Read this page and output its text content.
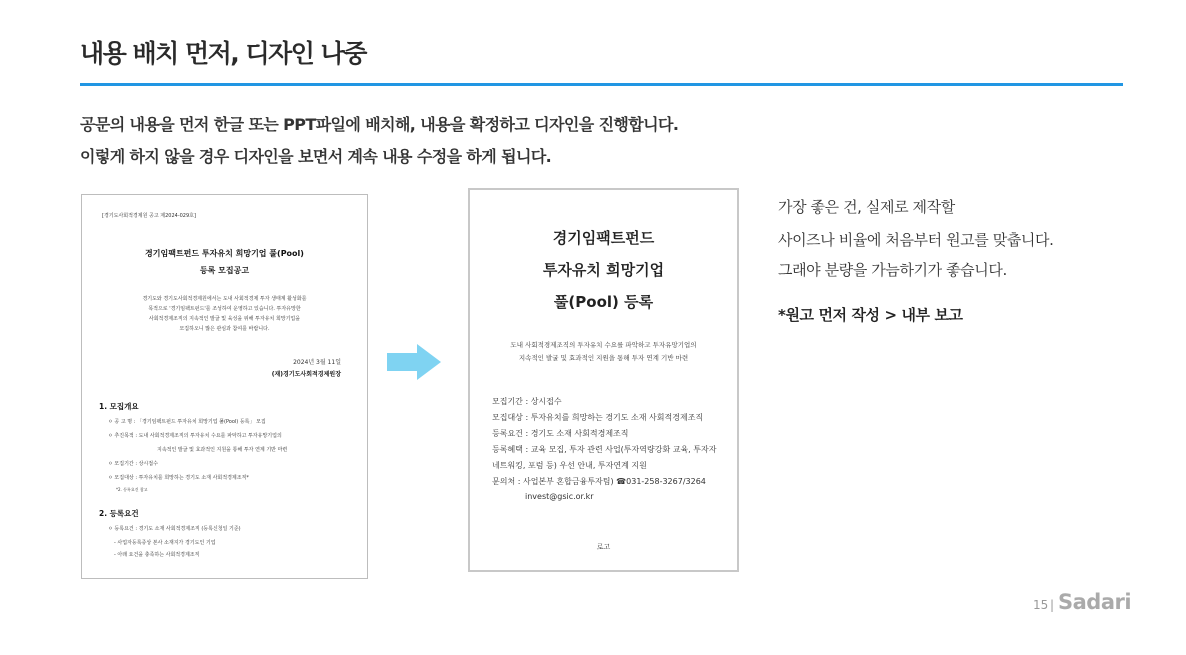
내용 배치 먼저, 디자인 나중
공문의 내용을 먼저 한글 또는 PPT파일에 배치해, 내용을 확정하고 디자인을 진행합니다.
이렇게 하지 않을 경우 디자인을 보면서 계속 내용 수정을 하게 됩니다.
[경기도사회적경제원 공고 제2024-029호]
경기임팩트펀드 투자유치 희망기업 풀(Pool)
등록 모집공고
경기도와 경기도사회적경제원에서는 도내 사회적경제 투자 생태계 활성화를
목적으로 '경기임팩트펀드'를 조성하여 운영하고 있습니다. 투자유망한
사회적경제조직의 지속적인 발굴 및 육성을 위해 투자유치 희망기업을
모집하오니 많은 관심과 참여를 바랍니다.
2024년 3월 11일
(재)경기도사회적경제원장
1. 모집개요
ㅇ 공 고 명 : 「경기임팩트펀드 투자유치 희망기업 풀(Pool) 등록」 모집
ㅇ 추진목적 : 도내 사회적경제조직의 투자유치 수요를 파악하고 투자유망기업의
지속적인 발굴 및 효과적인 지원을 통해 투자 연계 기반 마련
ㅇ 모집기간 : 상시접수
ㅇ 모집대상 : 투자유치를 희망하는 경기도 소재 사회적경제조직*
*2. 등록요건 참고
2. 등록요건
ㅇ 등록요건 : 경기도 소재 사회적경제조직 (등록신청일 기준)
- 사업자등록증상 본사 소재지가 경기도인 기업
- 아래 요건을 충족하는 사회적경제조직
경기임팩트펀드
투자유치 희망기업
풀(Pool) 등록
도내 사회적경제조직의 투자유치 수요를 파악하고 투자유망기업의
지속적인 발굴 및 효과적인 지원을 통해 투자 연계 기반 마련
모집기간 : 상시접수
모집대상 : 투자유치를 희망하는 경기도 소재 사회적경제조직
등록요건 : 경기도 소재 사회적경제조직
등록혜택 : 교육 모집, 투자 관련 사업(투자역량강화 교육, 투자자
네트워킹, 포럼 등) 우선 안내, 투자연계 지원
문의처 : 사업본부 혼합금융투자팀) ☎031-258-3267/3264
invest@gsic.or.kr
로고
가장 좋은 건, 실제로 제작할
사이즈나 비율에 처음부터 원고를 맞춥니다.
그래야 분량을 가늠하기가 좋습니다.
*원고 먼저 작성 > 내부 보고
15 | Sadari
